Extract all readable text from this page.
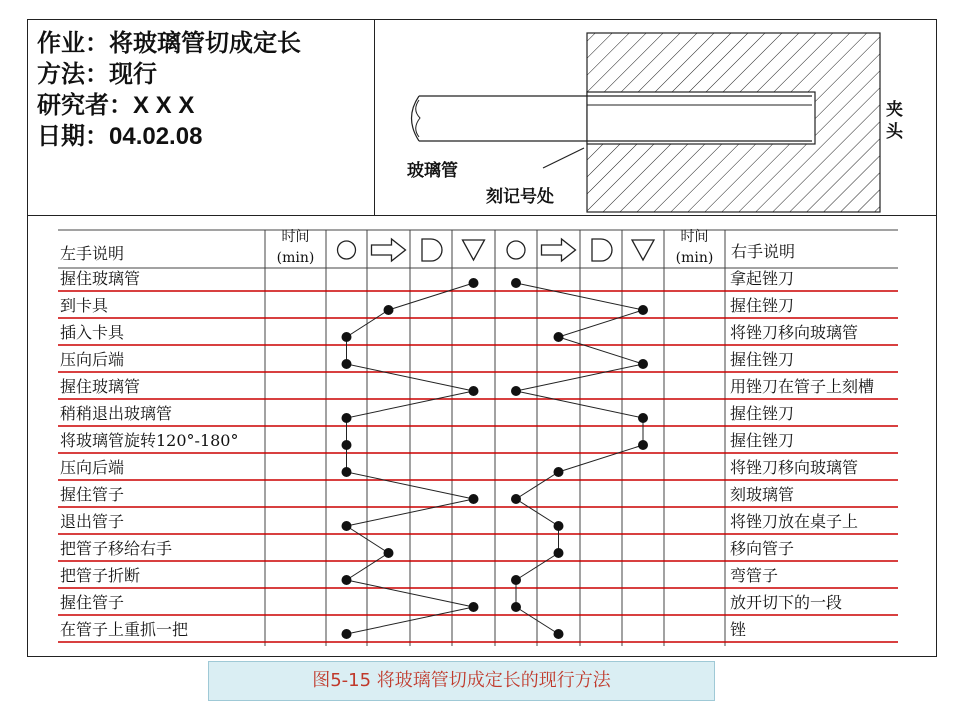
作业：将玻璃管切成定长
方法：现行
研究者：X X X
日期：04.02.08
玻璃管
刻记号处
夹头
左手说明	右手说明
时间
(min)
时间
(min)
握住玻璃管	拿起锉刀
到卡具	握住锉刀
插入卡具	将锉刀移向玻璃管
压向后端	握住锉刀
握住玻璃管	用锉刀在管子上刻槽
稍稍退出玻璃管	握住锉刀
将玻璃管旋转120°-180°	握住锉刀
压向后端	将锉刀移向玻璃管
握住管子	刻玻璃管
退出管子	将锉刀放在桌子上
把管子移给右手	移向管子
把管子折断	弯管子
握住管子	放开切下的一段
在管子上重抓一把	锉
图5-15 将玻璃管切成定长的现行方法
